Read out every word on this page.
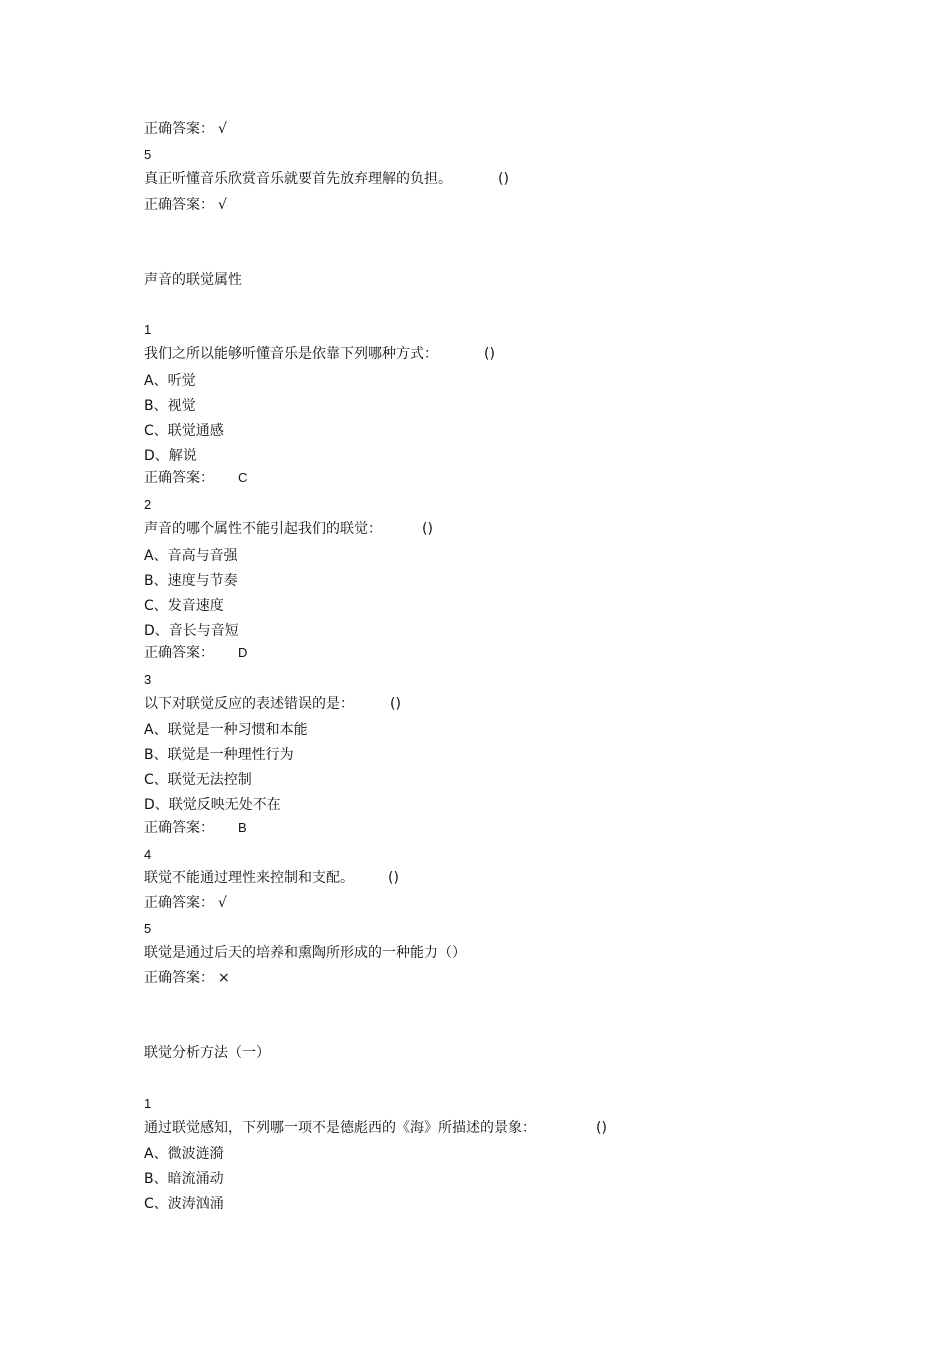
正确答案： √
5
真正听懂音乐欣赏音乐就要首先放弃理解的负担。	()
正确答案： √
声音的联觉属性
1
我们之所以能够听懂音乐是依靠下列哪种方式：	()
A、听觉
B、视觉
C、联觉通感
D、解说
正确答案： C
2
声音的哪个属性不能引起我们的联觉：	()
A、音高与音强
B、速度与节奏
C、发音速度
D、音长与音短
正确答案： D
3
以下对联觉反应的表述错误的是：	()
A、联觉是一种习惯和本能
B、联觉是一种理性行为
C、联觉无法控制
D、联觉反映无处不在
正确答案： B
4
联觉不能通过理性来控制和支配。 ()
正确答案： √
5
联觉是通过后天的培养和熏陶所形成的一种能力（）
正确答案： ×
联觉分析方法（一）
1
通过联觉感知，下列哪一项不是德彪西的《海》所描述的景象：	()
A、微波涟漪
B、暗流涌动
C、波涛汹涌
